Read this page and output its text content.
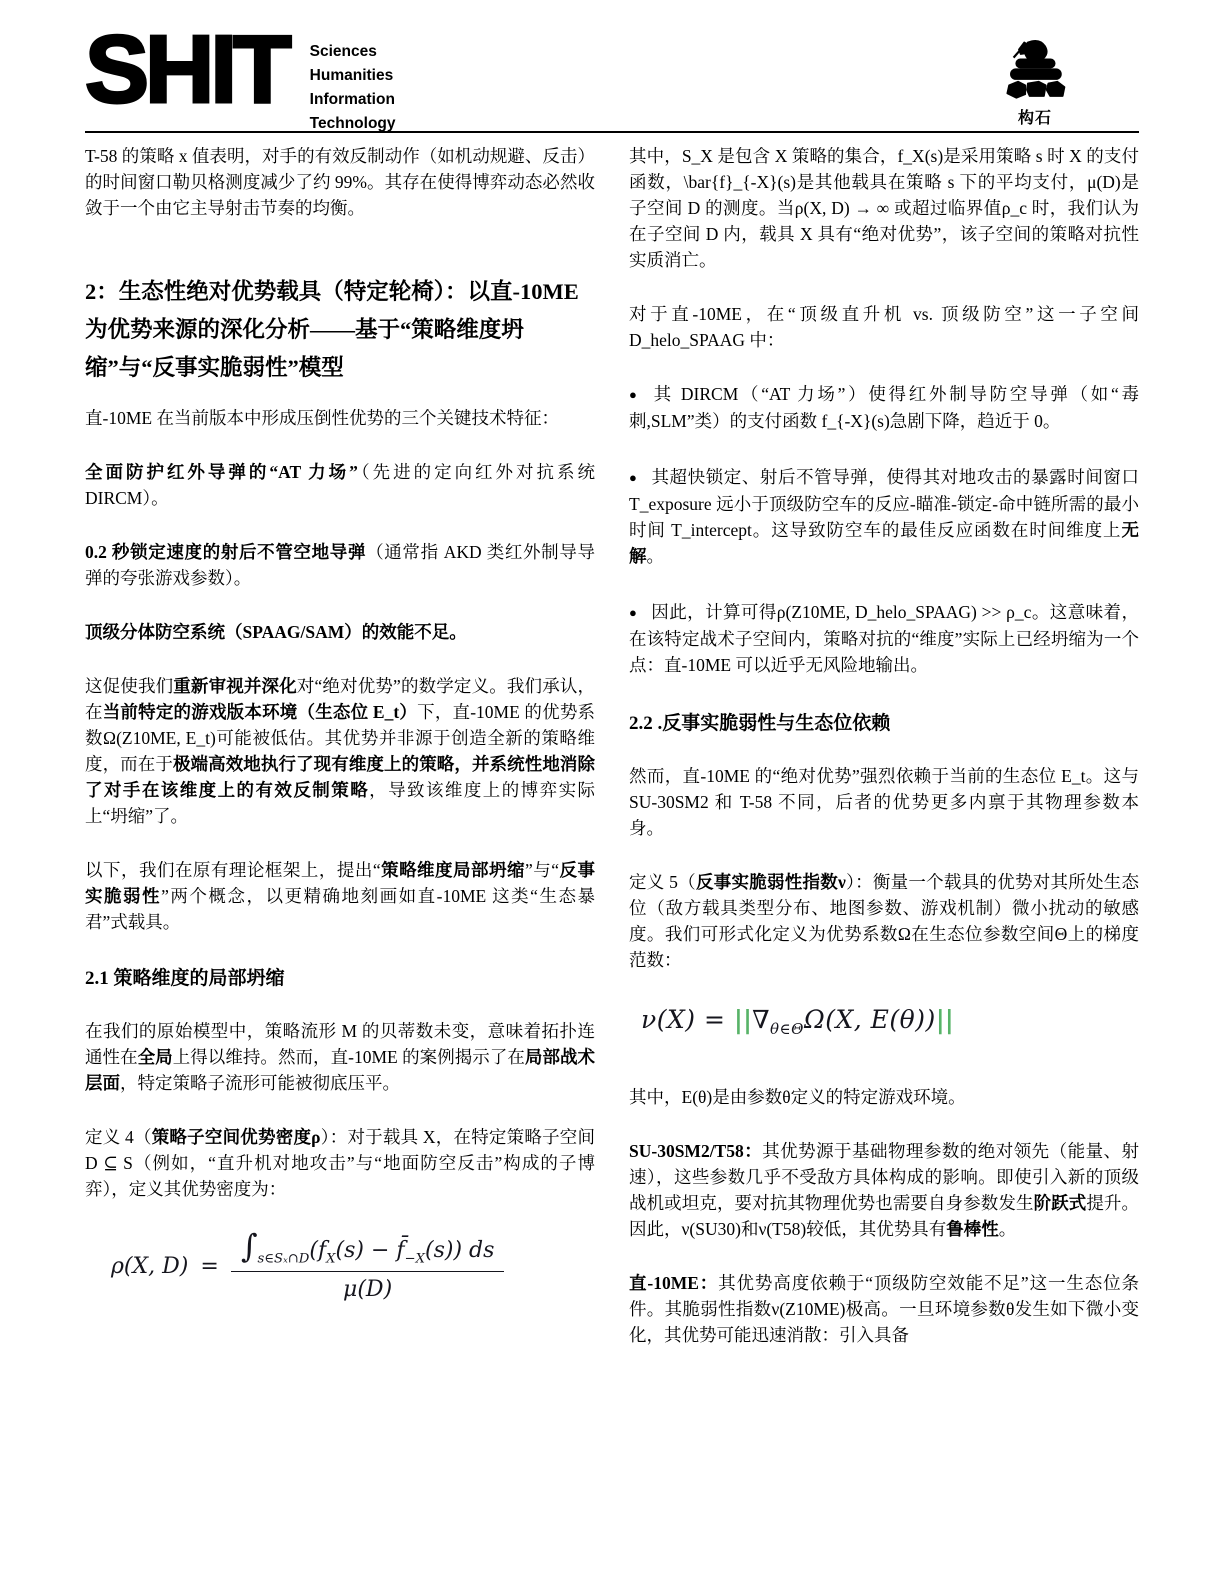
SHIT Sciences
Humanities
Information
Technology	构石

T-58 的策略 x 值表明，对手的有效反制动作（如机动规避、反击）的时间窗口勒贝格测度减少了约 99%。其存在使得博弈动态必然收敛于一个由它主导射击节奏的均衡。

2：生态性绝对优势载具（特定轮椅）：以直-10ME 为优势来源的深化分析——基于“策略维度坍缩”与“反事实脆弱性”模型

直-10ME 在当前版本中形成压倒性优势的三个关键技术特征：

全面防护红外导弹的“AT 力场”（先进的定向红外对抗系统 DIRCM）。

0.2 秒锁定速度的射后不管空地导弹（通常指 AKD 类红外制导导弹的夸张游戏参数）。

顶级分体防空系统（SPAAG/SAM）的效能不足。

这促使我们重新审视并深化对“绝对优势”的数学定义。我们承认，在当前特定的游戏版本环境（生态位 E_t）下，直-10ME 的优势系数Ω(Z10ME, E_t)可能被低估。其优势并非源于创造全新的策略维度，而在于极端高效地执行了现有维度上的策略，并系统性地消除了对手在该维度上的有效反制策略，导致该维度上的博弈实际上“坍缩”了。

以下，我们在原有理论框架上，提出“策略维度局部坍缩”与“反事实脆弱性”两个概念，以更精确地刻画如直-10ME 这类“生态暴君”式载具。

2.1 策略维度的局部坍缩

在我们的原始模型中，策略流形 M 的贝蒂数未变，意味着拓扑连通性在全局上得以维持。然而，直-10ME 的案例揭示了在局部战术层面，特定策略子流形可能被彻底压平。

定义 4（策略子空间优势密度ρ）：对于载具 X，在特定策略子空间 D ⊆ S（例如，“直升机对地攻击”与“地面防空反击”构成的子博弈），定义其优势密度为：

ρ(X, $D) = \frac{\int_{s\in S_x\cap D}(f_X(s) - f̄_{-X}(s)) ds}{\mu(D)}$

其中，S_X 是包含 X 策略的集合，f_X(s)是采用策略 s 时 X 的支付函数，\bar{f}_{-X}(s)是其他载具在策略 s 下的平均支付，μ(D)是子空间 D 的测度。当ρ(X, D) → ∞ 或超过临界值ρ_c 时，我们认为在子空间 D 内，载具 X 具有“绝对优势”，该子空间的策略对抗性实质消亡。

对于直-10ME，在“顶级直升机 vs. 顶级防空”这一子空间 D_helo_SPAAG 中：

● 其 DIRCM（“AT 力场”）使得红外制导防空导弹（如“毒刺,SLM”类）的支付函数 f_{-X}(s)急剧下降，趋近于 0。

● 其超快锁定、射后不管导弹，使得其对地攻击的暴露时间窗口 T_exposure 远小于顶级防空车的反应-瞄准-锁定-命中链所需的最小时间 T_intercept。这导致防空车的最佳反应函数在时间维度上无解。

● 因此，计算可得ρ(Z10ME, D_helo_SPAAG) >> ρ_c。这意味着，在该特定战术子空间内，策略对抗的“维度”实际上已经坍缩为一个点：直-10ME 可以近乎无风险地输出。

2.2 .反事实脆弱性与生态位依赖

然而，直-10ME 的“绝对优势”强烈依赖于当前的生态位 E_t。这与 SU-30SM2 和 T-58 不同，后者的优势更多内禀于其物理参数本身。

定义 5（反事实脆弱性指数ν）：衡量一个载具的优势对其所处生态位（敌方载具类型分布、地图参数、游戏机制）微小扰动的敏感度。我们可形式化定义为优势系数Ω在生态位参数空间Θ上的梯度范数：

$\nu(X) = ||\nabla_{\theta\in\Theta}\Omega(X$, E(θ))||

其中，E(θ)是由参数θ定义的特定游戏环境。

SU-30SM2/T58：其优势源于基础物理参数的绝对领先（能量、射速），这些参数几乎不受敌方具体构成的影响。即使引入新的顶级战机或坦克，要对抗其物理优势也需要自身参数发生阶跃式提升。因此，ν(SU30)和ν(T58)较低，其优势具有鲁棒性。

直-10ME：其优势高度依赖于“顶级防空效能不足”这一生态位条件。其脆弱性指数ν(Z10ME)极高。一旦环境参数θ发生如下微小变化，其优势可能迅速消散：引入具备
